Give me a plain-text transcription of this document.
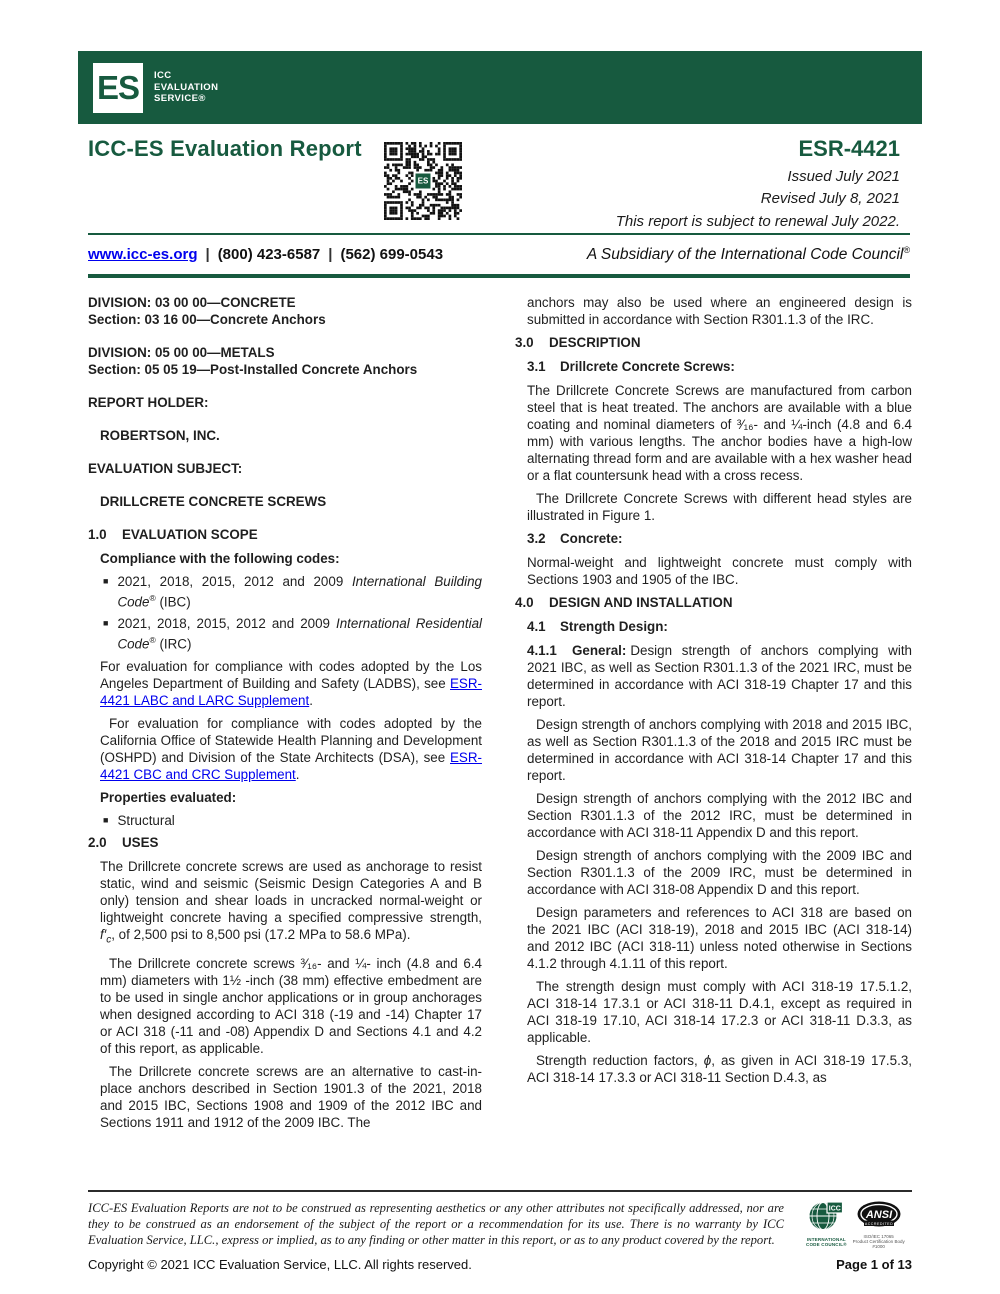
ES ICC
EVALUATION
SERVICE®
ICC-ES Evaluation Report
ES
ESR-4421
Issued July 2021
Revised July 8, 2021
This report is subject to renewal July 2022.
www.icc-es.org | (800) 423-6587 | (562) 699-0543	A Subsidiary of the International Code Council®
DIVISION: 03 00 00—CONCRETE
Section: 03 16 00—Concrete Anchors
DIVISION: 05 00 00—METALS
Section: 05 05 19—Post-Installed Concrete Anchors
REPORT HOLDER:
ROBERTSON, INC.
EVALUATION SUBJECT:
DRILLCRETE CONCRETE SCREWS
1.0 EVALUATION SCOPE
Compliance with the following codes:
■ 2021, 2018, 2015, 2012 and 2009 International Building Code® (IBC)
■ 2021, 2018, 2015, 2012 and 2009 International Residential Code® (IRC)
For evaluation for compliance with codes adopted by the Los Angeles Department of Building and Safety (LADBS), see ESR-4421 LABC and LARC Supplement.
For evaluation for compliance with codes adopted by the California Office of Statewide Health Planning and Development (OSHPD) and Division of the State Architects (DSA), see ESR-4421 CBC and CRC Supplement.
Properties evaluated:
■ Structural
2.0 USES
The Drillcrete concrete screws are used as anchorage to resist static, wind and seismic (Seismic Design Categories A and B only) tension and shear loads in uncracked normal-weight or lightweight concrete having a specified compressive strength, $f'_c$, of 2,500 psi to 8,500 psi (17.2 MPa to 58.6 MPa).
The Drillcrete concrete screws ³⁄₁₆- and ¼- inch (4.8 and 6.4 mm) diameters with 1½ -inch (38 mm) effective embedment are to be used in single anchor applications or in group anchorages when designed according to ACI 318 (-19 and -14) Chapter 17 or ACI 318 (-11 and -08) Appendix D and Sections 4.1 and 4.2 of this report, as applicable.
The Drillcrete concrete screws are an alternative to cast-in-place anchors described in Section 1901.3 of the 2021, 2018 and 2015 IBC, Sections 1908 and 1909 of the 2012 IBC and Sections 1911 and 1912 of the 2009 IBC. The
anchors may also be used where an engineered design is submitted in accordance with Section R301.1.3 of the IRC.
3.0 DESCRIPTION
3.1 Drillcrete Concrete Screws:
The Drillcrete Concrete Screws are manufactured from carbon steel that is heat treated. The anchors are available with a blue coating and nominal diameters of ³⁄₁₆- and ¼-inch (4.8 and 6.4 mm) with various lengths. The anchor bodies have a high-low alternating thread form and are available with a hex washer head or a flat countersunk head with a cross recess.
The Drillcrete Concrete Screws with different head styles are illustrated in Figure 1.
3.2 Concrete:
Normal-weight and lightweight concrete must comply with Sections 1903 and 1905 of the IBC.
4.0 DESIGN AND INSTALLATION
4.1 Strength Design:
4.1.1 General: Design strength of anchors complying with 2021 IBC, as well as Section R301.1.3 of the 2021 IRC, must be determined in accordance with ACI 318-19 Chapter 17 and this report.
Design strength of anchors complying with 2018 and 2015 IBC, as well as Section R301.1.3 of the 2018 and 2015 IRC must be determined in accordance with ACI 318-14 Chapter 17 and this report.
Design strength of anchors complying with the 2012 IBC and Section R301.1.3 of the 2012 IRC, must be determined in accordance with ACI 318-11 Appendix D and this report.
Design strength of anchors complying with the 2009 IBC and Section R301.1.3 of the 2009 IRC, must be determined in accordance with ACI 318-08 Appendix D and this report.
Design parameters and references to ACI 318 are based on the 2021 IBC (ACI 318-19), 2018 and 2015 IBC (ACI 318-14) and 2012 IBC (ACI 318-11) unless noted otherwise in Sections 4.1.2 through 4.1.11 of this report.
The strength design must comply with ACI 318-19 17.5.1.2, ACI 318-14 17.3.1 or ACI 318-11 D.4.1, except as required in ACI 318-19 17.10, ACI 318-14 17.2.3 or ACI 318-11 D.3.3, as applicable.
Strength reduction factors, ϕ, as given in ACI 318-19 17.5.3, ACI 318-14 17.3.3 or ACI 318-11 Section D.4.3, as
ICC-ES Evaluation Reports are not to be construed as representing aesthetics or any other attributes not specifically addressed, nor are they to be construed as an endorsement of the subject of the report or a recommendation for its use. There is no warranty by ICC Evaluation Service, LLC., express or implied, as to any finding or other matter in this report, or as to any product covered by the report.
ICC
INTERNATIONAL
CODE COUNCIL®
ANSI
ACCREDITED
ISO/IEC 17065
Product Certification Body
#1000
Copyright © 2021 ICC Evaluation Service, LLC. All rights reserved.	Page 1 of 13
